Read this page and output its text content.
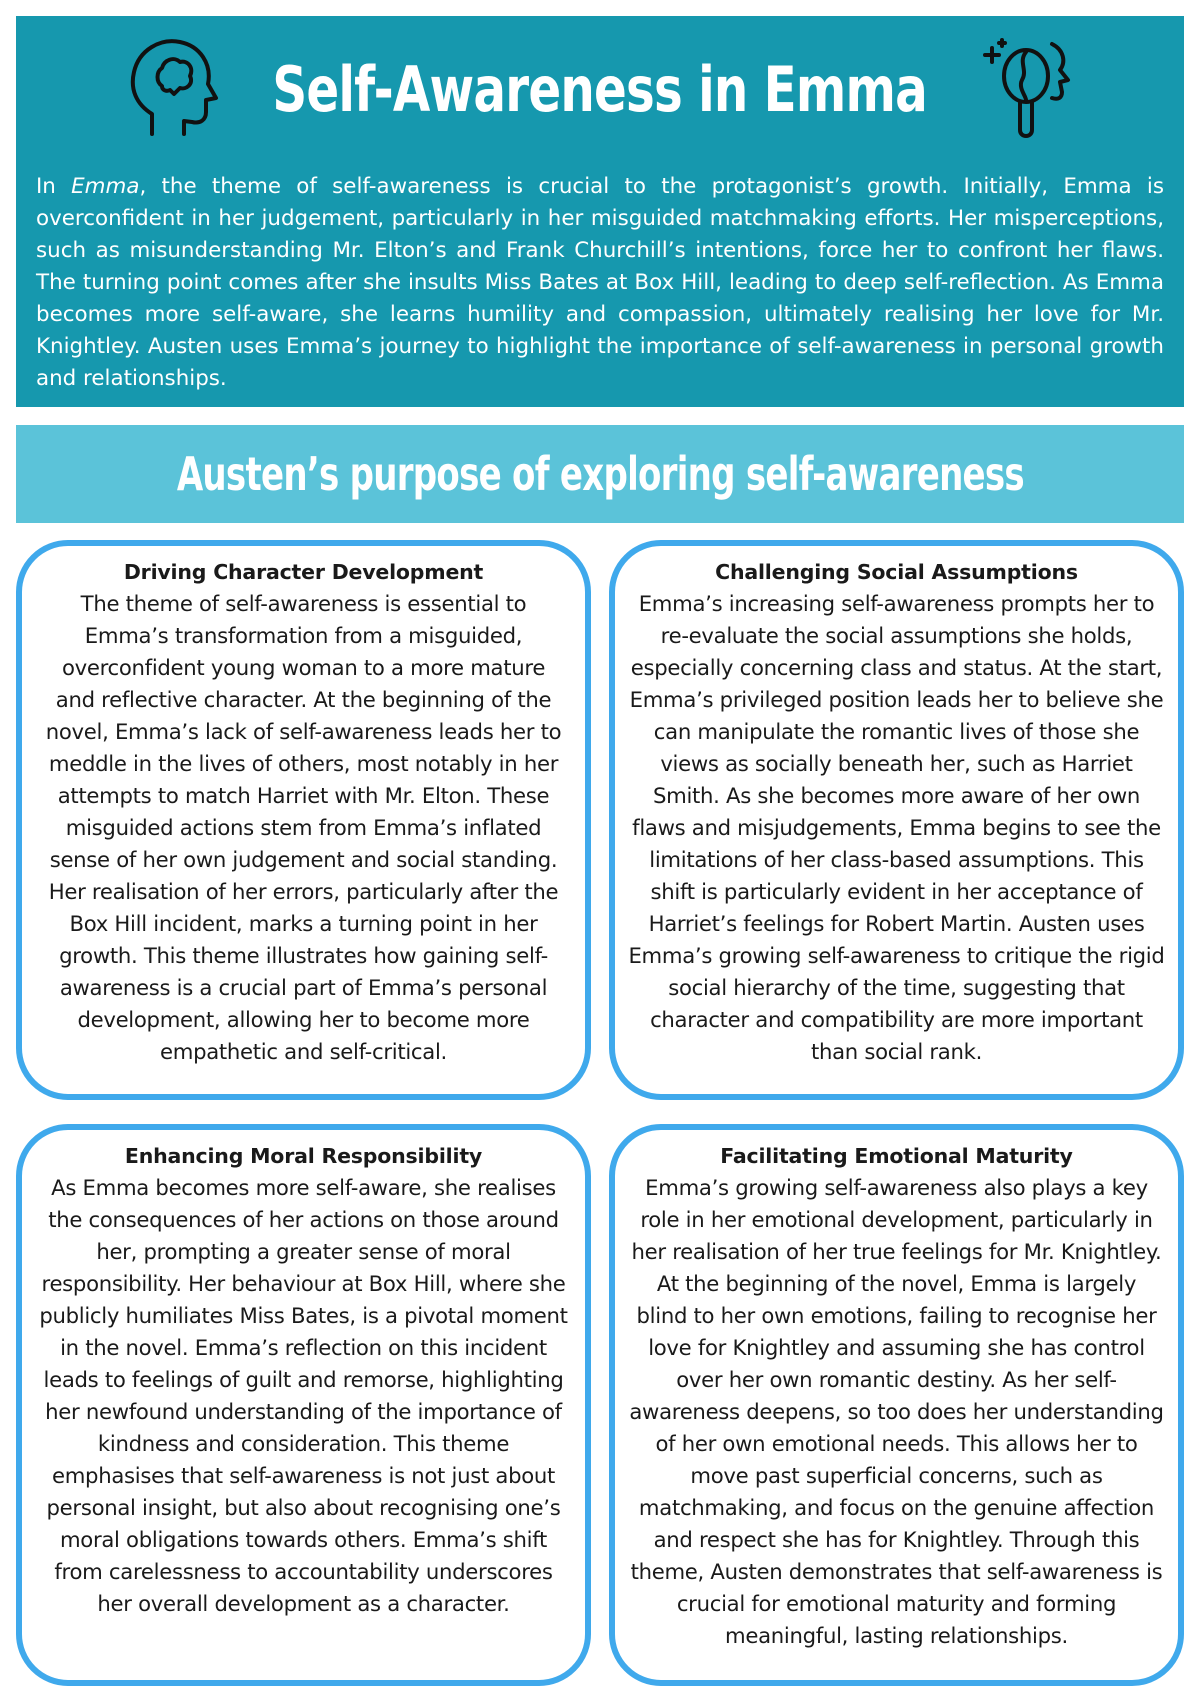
Self-Awareness in Emma

In Emma, the theme of self-awareness is crucial to the protagonist’s growth. Initially, Emma is overconfident in her judgement, particularly in her misguided matchmaking efforts. Her misperceptions, such as misunderstanding Mr. Elton’s and Frank Churchill’s intentions, force her to confront her flaws. The turning point comes after she insults Miss Bates at Box Hill, leading to deep self-reflection. As Emma becomes more self-aware, she learns humility and compassion, ultimately realising her love for Mr. Knightley. Austen uses Emma’s journey to highlight the importance of self-awareness in personal growth and relationships.

Austen’s purpose of exploring self-awareness
Driving Character Development

The theme of self-awareness is essential to Emma’s transformation from a misguided, overconfident young woman to a more mature and reflective character. At the beginning of the novel, Emma’s lack of self-awareness leads her to meddle in the lives of others, most notably in her attempts to match Harriet with Mr. Elton. These misguided actions stem from Emma’s inflated sense of her own judgement and social standing. Her realisation of her errors, particularly after the Box Hill incident, marks a turning point in her growth. This theme illustrates how gaining self-awareness is a crucial part of Emma’s personal development, allowing her to become more empathetic and self-critical.

Challenging Social Assumptions

Emma’s increasing self-awareness prompts her to re-evaluate the social assumptions she holds, especially concerning class and status. At the start, Emma’s privileged position leads her to believe she can manipulate the romantic lives of those she views as socially beneath her, such as Harriet Smith. As she becomes more aware of her own flaws and misjudgements, Emma begins to see the limitations of her class-based assumptions. This shift is particularly evident in her acceptance of Harriet’s feelings for Robert Martin. Austen uses Emma’s growing self-awareness to critique the rigid social hierarchy of the time, suggesting that character and compatibility are more important than social rank.

Enhancing Moral Responsibility

As Emma becomes more self-aware, she realises the consequences of her actions on those around her, prompting a greater sense of moral responsibility. Her behaviour at Box Hill, where she publicly humiliates Miss Bates, is a pivotal moment in the novel. Emma’s reflection on this incident leads to feelings of guilt and remorse, highlighting her newfound understanding of the importance of kindness and consideration. This theme emphasises that self-awareness is not just about personal insight, but also about recognising one’s moral obligations towards others. Emma’s shift from carelessness to accountability underscores her overall development as a character.

Facilitating Emotional Maturity

Emma’s growing self-awareness also plays a key role in her emotional development, particularly in her realisation of her true feelings for Mr. Knightley. At the beginning of the novel, Emma is largely blind to her own emotions, failing to recognise her love for Knightley and assuming she has control over her own romantic destiny. As her self-awareness deepens, so too does her understanding of her own emotional needs. This allows her to move past superficial concerns, such as matchmaking, and focus on the genuine affection and respect she has for Knightley. Through this theme, Austen demonstrates that self-awareness is crucial for emotional maturity and forming meaningful, lasting relationships.
